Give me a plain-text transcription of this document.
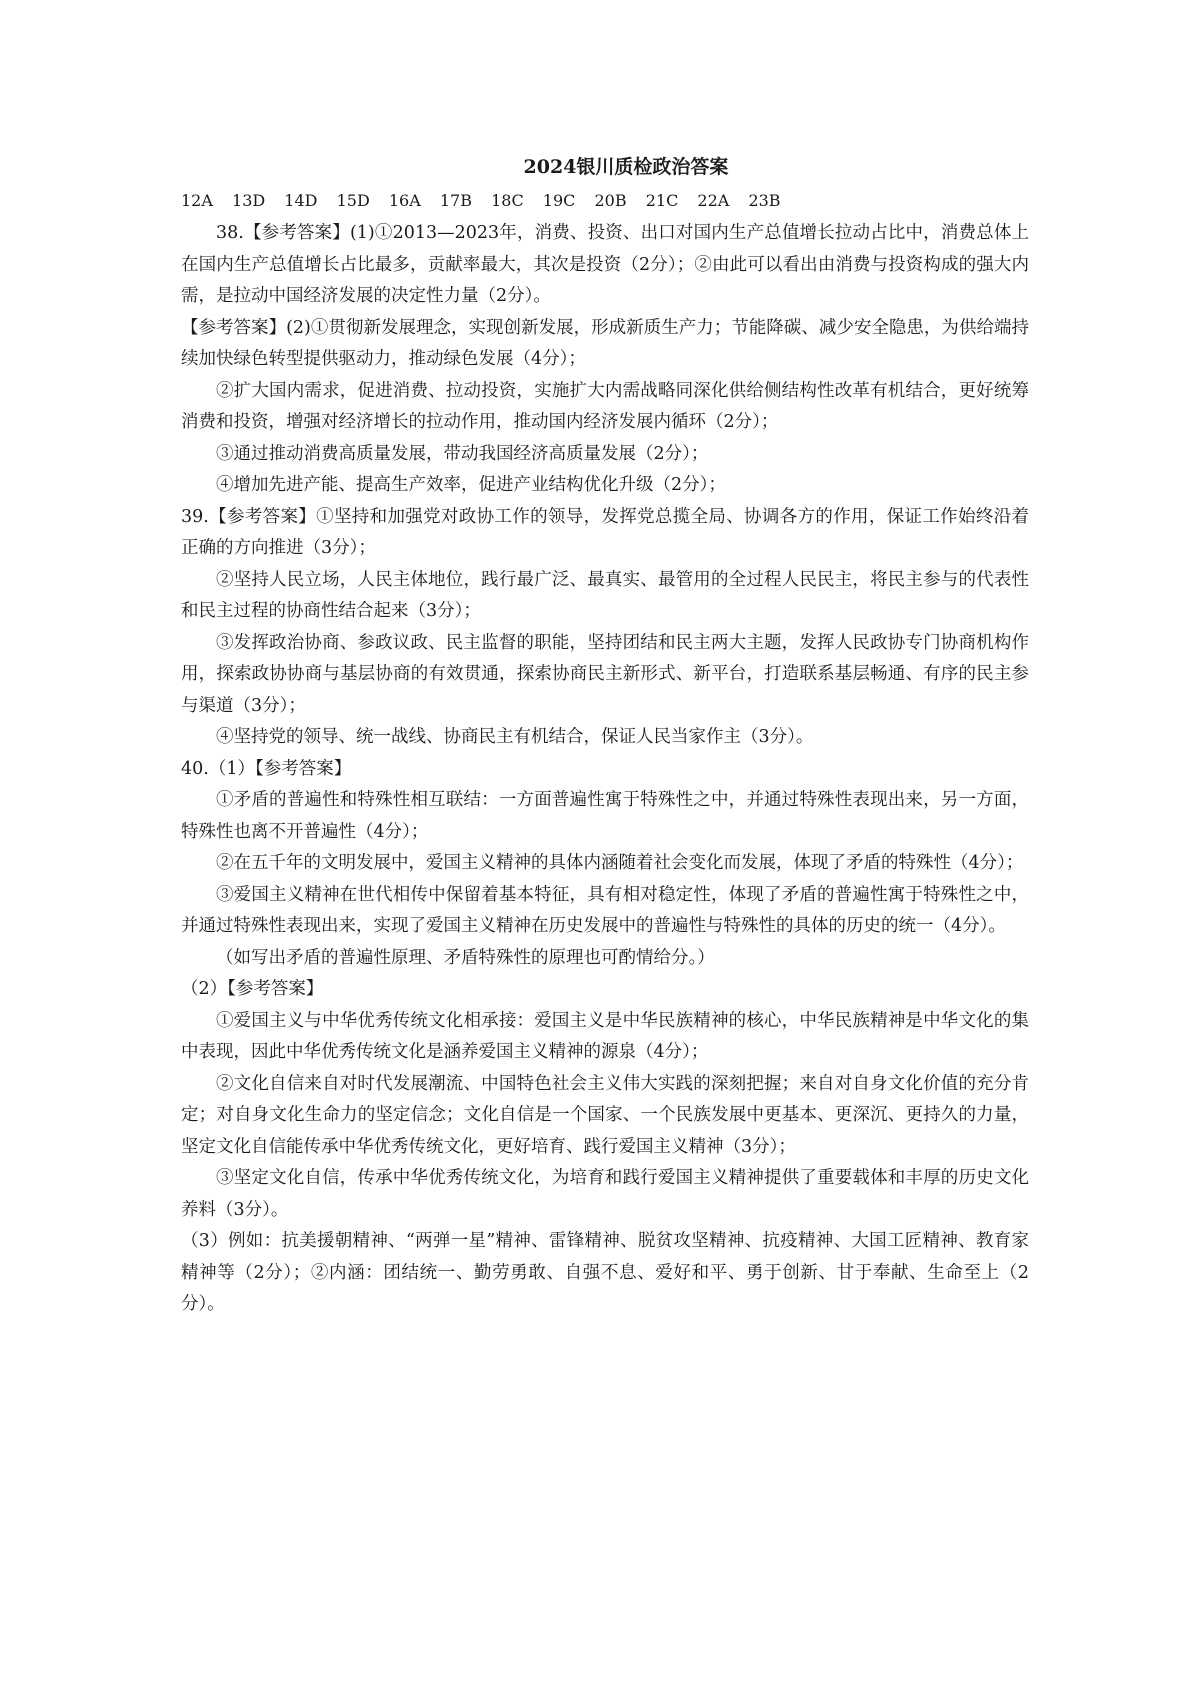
2024银川质检政治答案
12A 13D 14D 15D 16A 17B 18C 19C 20B 21C 22A 23B

38.【参考答案】(1)①2013—2023年，消费、投资、出口对国内生产总值增长拉动占比中，消费总体上在国内生产总值增长占比最多，贡献率最大，其次是投资（2分）；②由此可以看出由消费与投资构成的强大内需，是拉动中国经济发展的决定性力量（2分）。

【参考答案】(2)①贯彻新发展理念，实现创新发展，形成新质生产力；节能降碳、减少安全隐患，为供给端持续加快绿色转型提供驱动力，推动绿色发展（4分）；

②扩大国内需求，促进消费、拉动投资，实施扩大内需战略同深化供给侧结构性改革有机结合，更好统筹消费和投资，增强对经济增长的拉动作用，推动国内经济发展内循环（2分）；

③通过推动消费高质量发展，带动我国经济高质量发展（2分）；

④增加先进产能、提高生产效率，促进产业结构优化升级（2分）；

39.【参考答案】①坚持和加强党对政协工作的领导，发挥党总揽全局、协调各方的作用，保证工作始终沿着正确的方向推进（3分）；

②坚持人民立场，人民主体地位，践行最广泛、最真实、最管用的全过程人民民主，将民主参与的代表性和民主过程的协商性结合起来（3分）；

③发挥政治协商、参政议政、民主监督的职能，坚持团结和民主两大主题，发挥人民政协专门协商机构作用，探索政协协商与基层协商的有效贯通，探索协商民主新形式、新平台，打造联系基层畅通、有序的民主参与渠道（3分）；

④坚持党的领导、统一战线、协商民主有机结合，保证人民当家作主（3分）。

40.（1）【参考答案】

①矛盾的普遍性和特殊性相互联结：一方面普遍性寓于特殊性之中，并通过特殊性表现出来，另一方面，特殊性也离不开普遍性（4分）；

②在五千年的文明发展中，爱国主义精神的具体内涵随着社会变化而发展，体现了矛盾的特殊性（4分）；

③爱国主义精神在世代相传中保留着基本特征，具有相对稳定性，体现了矛盾的普遍性寓于特殊性之中，并通过特殊性表现出来，实现了爱国主义精神在历史发展中的普遍性与特殊性的具体的历史的统一（4分）。

（如写出矛盾的普遍性原理、矛盾特殊性的原理也可酌情给分。）

（2）【参考答案】

①爱国主义与中华优秀传统文化相承接：爱国主义是中华民族精神的核心，中华民族精神是中华文化的集中表现，因此中华优秀传统文化是涵养爱国主义精神的源泉（4分）；

②文化自信来自对时代发展潮流、中国特色社会主义伟大实践的深刻把握；来自对自身文化价值的充分肯定；对自身文化生命力的坚定信念；文化自信是一个国家、一个民族发展中更基本、更深沉、更持久的力量，坚定文化自信能传承中华优秀传统文化，更好培育、践行爱国主义精神（3分）；

③坚定文化自信，传承中华优秀传统文化，为培育和践行爱国主义精神提供了重要载体和丰厚的历史文化养料（3分）。

（3）例如：抗美援朝精神、“两弹一星”精神、雷锋精神、脱贫攻坚精神、抗疫精神、大国工匠精神、教育家精神等（2分）；②内涵：团结统一、勤劳勇敢、自强不息、爱好和平、勇于创新、甘于奉献、生命至上（2分）。
